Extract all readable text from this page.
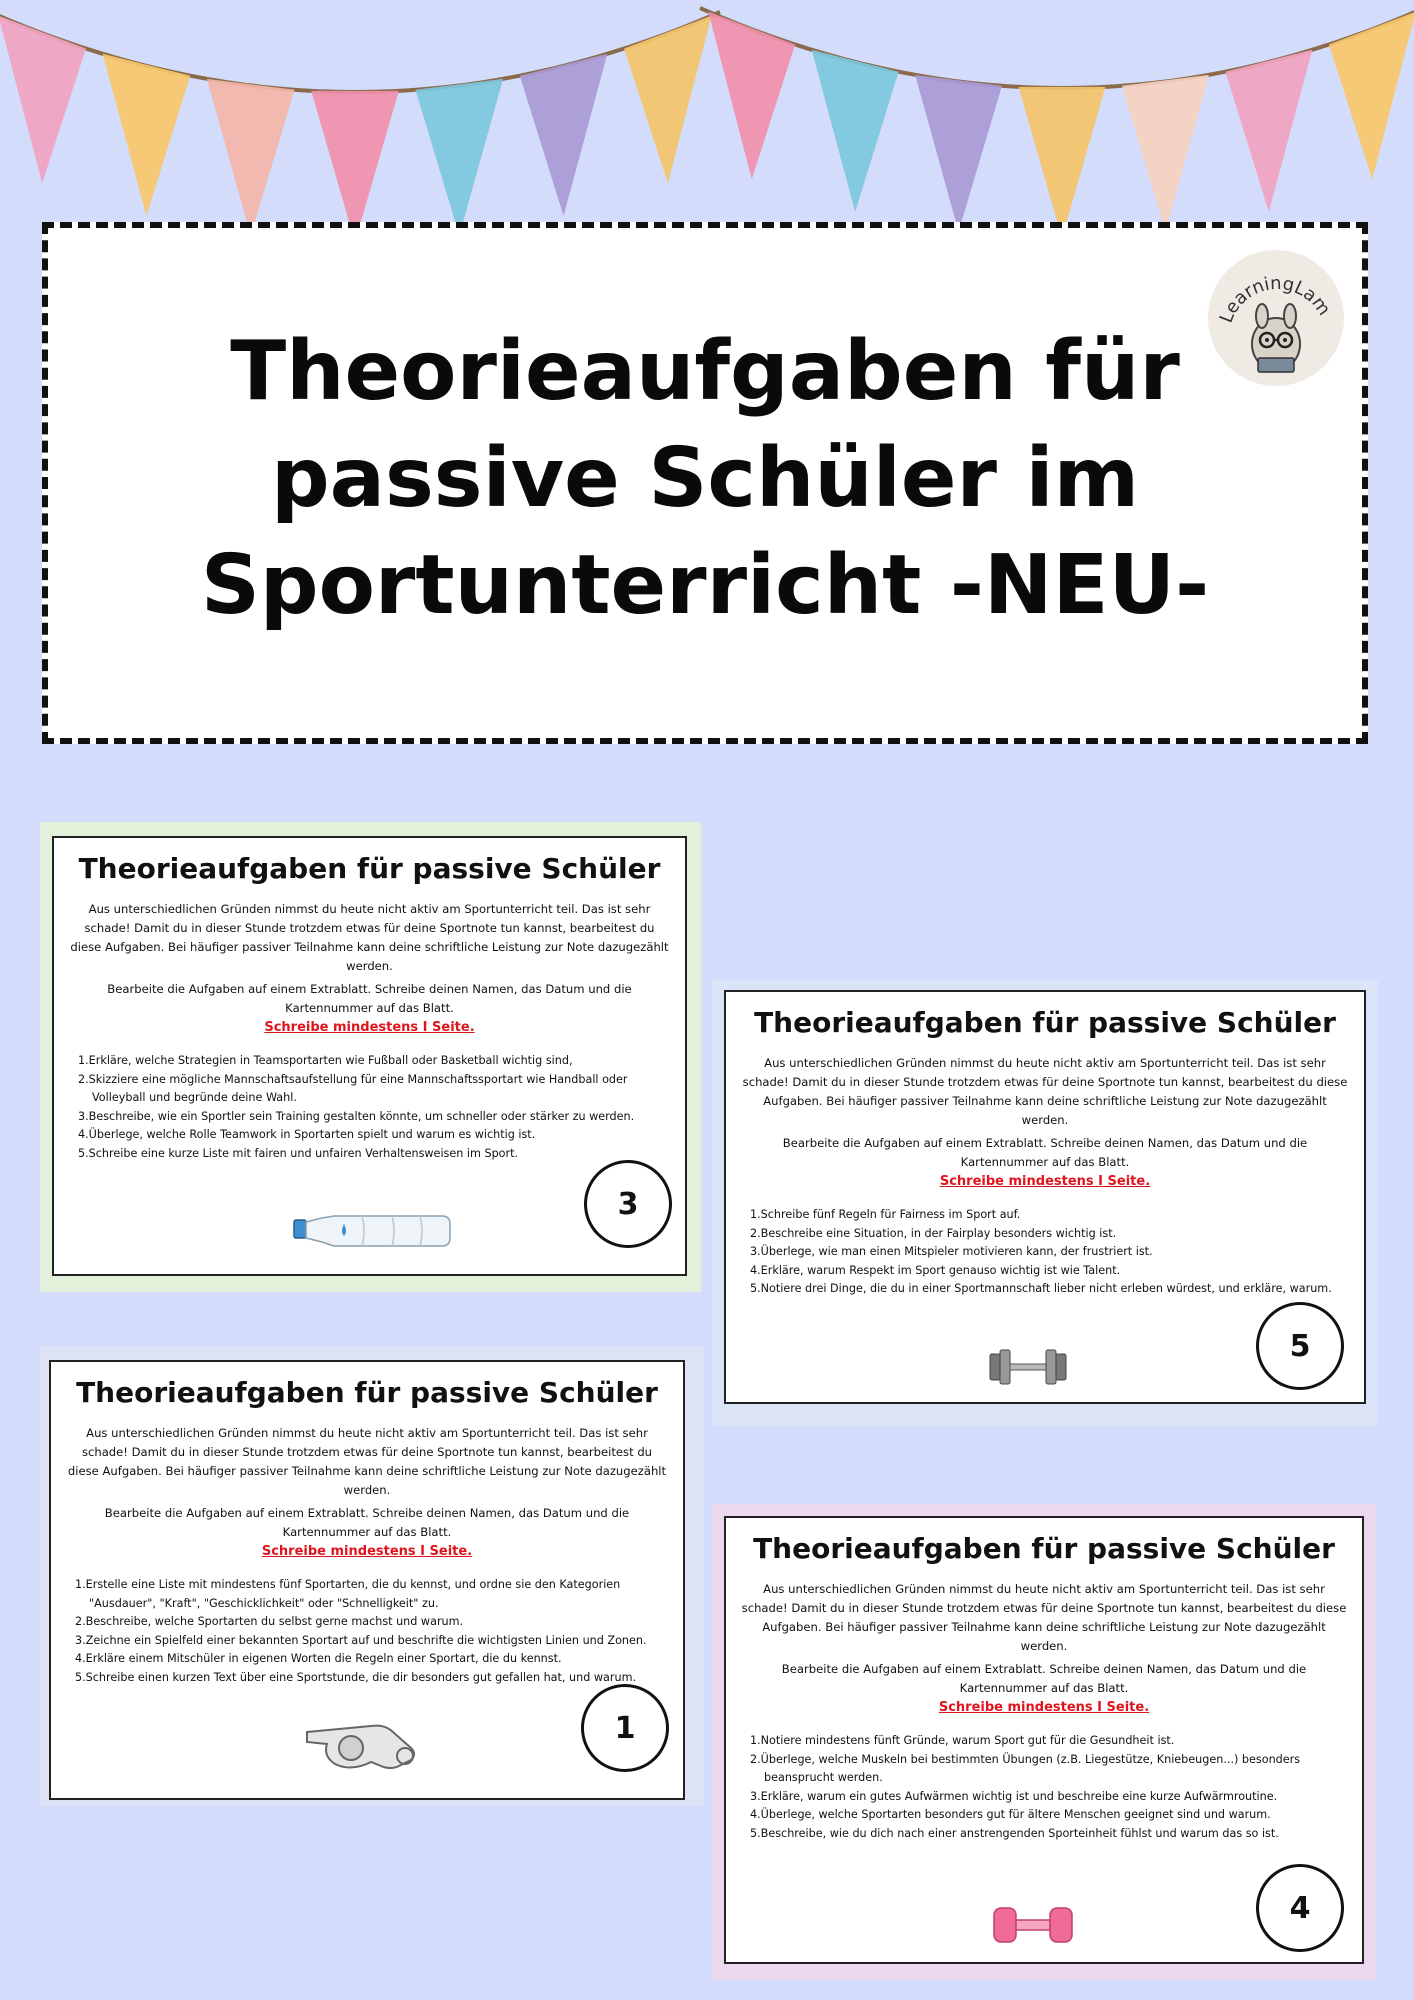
Theorieaufgaben für
passive Schüler im
Sportunterricht -NEU-
LearningLam
Theorieaufgaben für passive Schüler
Aus unterschiedlichen Gründen nimmst du heute nicht aktiv am Sportunterricht teil. Das ist sehr schade! Damit du in dieser Stunde trotzdem etwas für deine Sportnote tun kannst, bearbeitest du diese Aufgaben. Bei häufiger passiver Teilnahme kann deine schriftliche Leistung zur Note dazugezählt werden.
Bearbeite die Aufgaben auf einem Extrablatt. Schreibe deinen Namen, das Datum und die Kartennummer auf das Blatt.
Schreibe mindestens I Seite.
1.Erkläre, welche Strategien in Teamsportarten wie Fußball oder Basketball wichtig sind,
2.Skizziere eine mögliche Mannschaftsaufstellung für eine Mannschaftssportart wie Handball oder Volleyball und begründe deine Wahl.
3.Beschreibe, wie ein Sportler sein Training gestalten könnte, um schneller oder stärker zu werden.
4.Überlege, welche Rolle Teamwork in Sportarten spielt und warum es wichtig ist.
5.Schreibe eine kurze Liste mit fairen und unfairen Verhaltensweisen im Sport.
3
Theorieaufgaben für passive Schüler
Aus unterschiedlichen Gründen nimmst du heute nicht aktiv am Sportunterricht teil. Das ist sehr schade! Damit du in dieser Stunde trotzdem etwas für deine Sportnote tun kannst, bearbeitest du diese Aufgaben. Bei häufiger passiver Teilnahme kann deine schriftliche Leistung zur Note dazugezählt werden.
Bearbeite die Aufgaben auf einem Extrablatt. Schreibe deinen Namen, das Datum und die Kartennummer auf das Blatt.
Schreibe mindestens I Seite.
1.Schreibe fünf Regeln für Fairness im Sport auf.
2.Beschreibe eine Situation, in der Fairplay besonders wichtig ist.
3.Überlege, wie man einen Mitspieler motivieren kann, der frustriert ist.
4.Erkläre, warum Respekt im Sport genauso wichtig ist wie Talent.
5.Notiere drei Dinge, die du in einer Sportmannschaft lieber nicht erleben würdest, und erkläre, warum.
5
Theorieaufgaben für passive Schüler
Aus unterschiedlichen Gründen nimmst du heute nicht aktiv am Sportunterricht teil. Das ist sehr schade! Damit du in dieser Stunde trotzdem etwas für deine Sportnote tun kannst, bearbeitest du diese Aufgaben. Bei häufiger passiver Teilnahme kann deine schriftliche Leistung zur Note dazugezählt werden.
Bearbeite die Aufgaben auf einem Extrablatt. Schreibe deinen Namen, das Datum und die Kartennummer auf das Blatt.
Schreibe mindestens I Seite.
1.Erstelle eine Liste mit mindestens fünf Sportarten, die du kennst, und ordne sie den Kategorien "Ausdauer", "Kraft", "Geschicklichkeit" oder "Schnelligkeit" zu.
2.Beschreibe, welche Sportarten du selbst gerne machst und warum.
3.Zeichne ein Spielfeld einer bekannten Sportart auf und beschrifte die wichtigsten Linien und Zonen.
4.Erkläre einem Mitschüler in eigenen Worten die Regeln einer Sportart, die du kennst.
5.Schreibe einen kurzen Text über eine Sportstunde, die dir besonders gut gefallen hat, und warum.
1
Theorieaufgaben für passive Schüler
Aus unterschiedlichen Gründen nimmst du heute nicht aktiv am Sportunterricht teil. Das ist sehr schade! Damit du in dieser Stunde trotzdem etwas für deine Sportnote tun kannst, bearbeitest du diese Aufgaben. Bei häufiger passiver Teilnahme kann deine schriftliche Leistung zur Note dazugezählt werden.
Bearbeite die Aufgaben auf einem Extrablatt. Schreibe deinen Namen, das Datum und die Kartennummer auf das Blatt.
Schreibe mindestens I Seite.
1.Notiere mindestens fünft Gründe, warum Sport gut für die Gesundheit ist.
2.Überlege, welche Muskeln bei bestimmten Übungen (z.B. Liegestütze, Kniebeugen...) besonders beansprucht werden.
3.Erkläre, warum ein gutes Aufwärmen wichtig ist und beschreibe eine kurze Aufwärmroutine.
4.Überlege, welche Sportarten besonders gut für ältere Menschen geeignet sind und warum.
5.Beschreibe, wie du dich nach einer anstrengenden Sporteinheit fühlst und warum das so ist.
4
